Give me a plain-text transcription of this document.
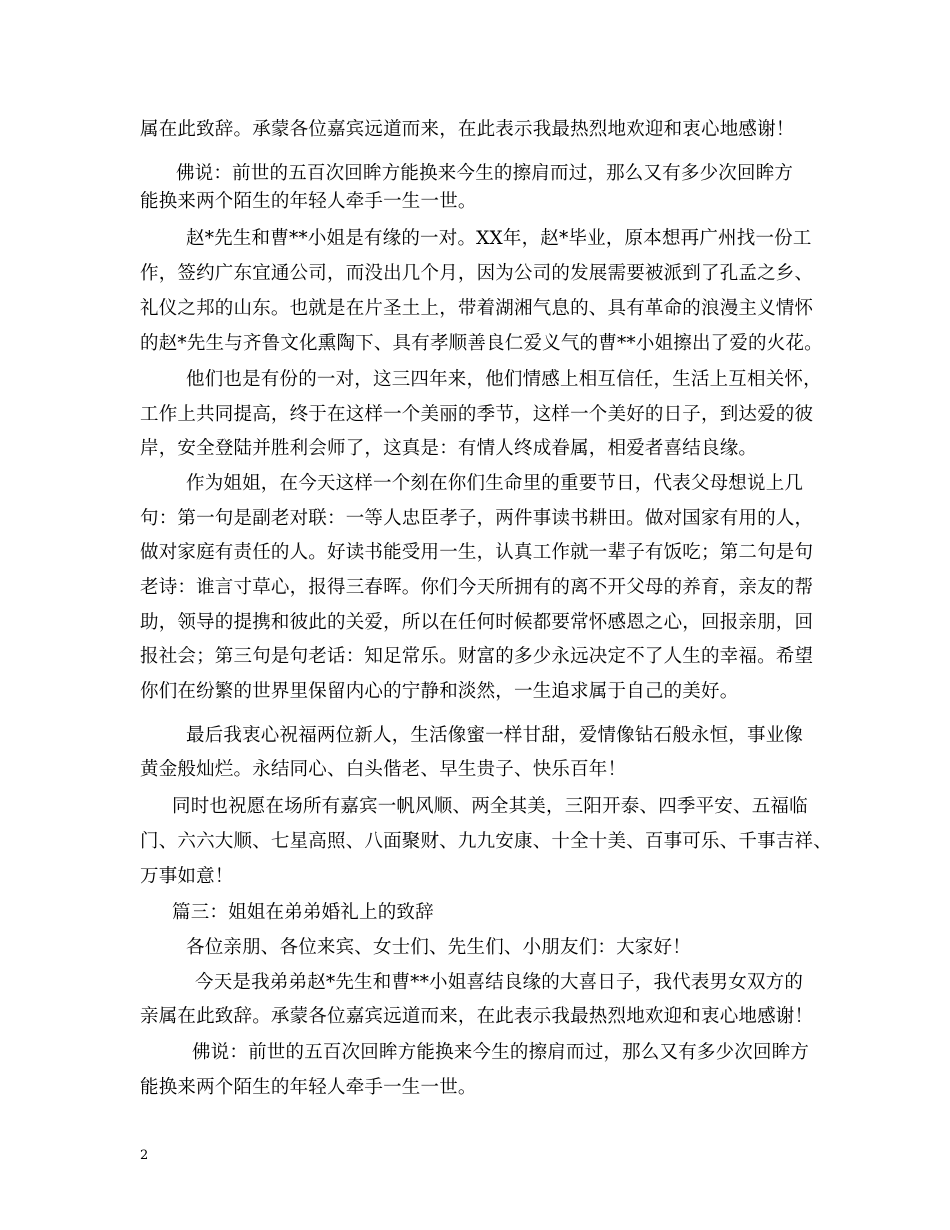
属在此致辞。承蒙各位嘉宾远道而来，在此表示我最热烈地欢迎和衷心地感谢！
佛说：前世的五百次回眸方能换来今生的擦肩而过，那么又有多少次回眸方
能换来两个陌生的年轻人牵手一生一世。
赵*先生和曹**小姐是有缘的一对。XX年，赵*毕业，原本想再广州找一份工
作，签约广东宜通公司，而没出几个月，因为公司的发展需要被派到了孔孟之乡、
礼仪之邦的山东。也就是在片圣土上，带着湖湘气息的、具有革命的浪漫主义情怀
的赵*先生与齐鲁文化熏陶下、具有孝顺善良仁爱义气的曹**小姐擦出了爱的火花。
他们也是有份的一对，这三四年来，他们情感上相互信任，生活上互相关怀，
工作上共同提高，终于在这样一个美丽的季节，这样一个美好的日子，到达爱的彼
岸，安全登陆并胜利会师了，这真是：有情人终成眷属，相爱者喜结良缘。
作为姐姐，在今天这样一个刻在你们生命里的重要节日，代表父母想说上几
句：第一句是副老对联：一等人忠臣孝子，两件事读书耕田。做对国家有用的人，
做对家庭有责任的人。好读书能受用一生，认真工作就一辈子有饭吃；第二句是句
老诗：谁言寸草心，报得三春晖。你们今天所拥有的离不开父母的养育，亲友的帮
助，领导的提携和彼此的关爱，所以在任何时候都要常怀感恩之心，回报亲朋，回
报社会；第三句是句老话：知足常乐。财富的多少永远决定不了人生的幸福。希望
你们在纷繁的世界里保留内心的宁静和淡然，一生追求属于自己的美好。
最后我衷心祝福两位新人，生活像蜜一样甘甜，爱情像钻石般永恒，事业像
黄金般灿烂。永结同心、白头偕老、早生贵子、快乐百年！
同时也祝愿在场所有嘉宾一帆风顺、两全其美，三阳开泰、四季平安、五福临
门、六六大顺、七星高照、八面聚财、九九安康、十全十美、百事可乐、千事吉祥、
万事如意！
篇三：姐姐在弟弟婚礼上的致辞
各位亲朋、各位来宾、女士们、先生们、小朋友们：大家好！
今天是我弟弟赵*先生和曹**小姐喜结良缘的大喜日子，我代表男女双方的
亲属在此致辞。承蒙各位嘉宾远道而来，在此表示我最热烈地欢迎和衷心地感谢！
佛说：前世的五百次回眸方能换来今生的擦肩而过，那么又有多少次回眸方
能换来两个陌生的年轻人牵手一生一世。
2
